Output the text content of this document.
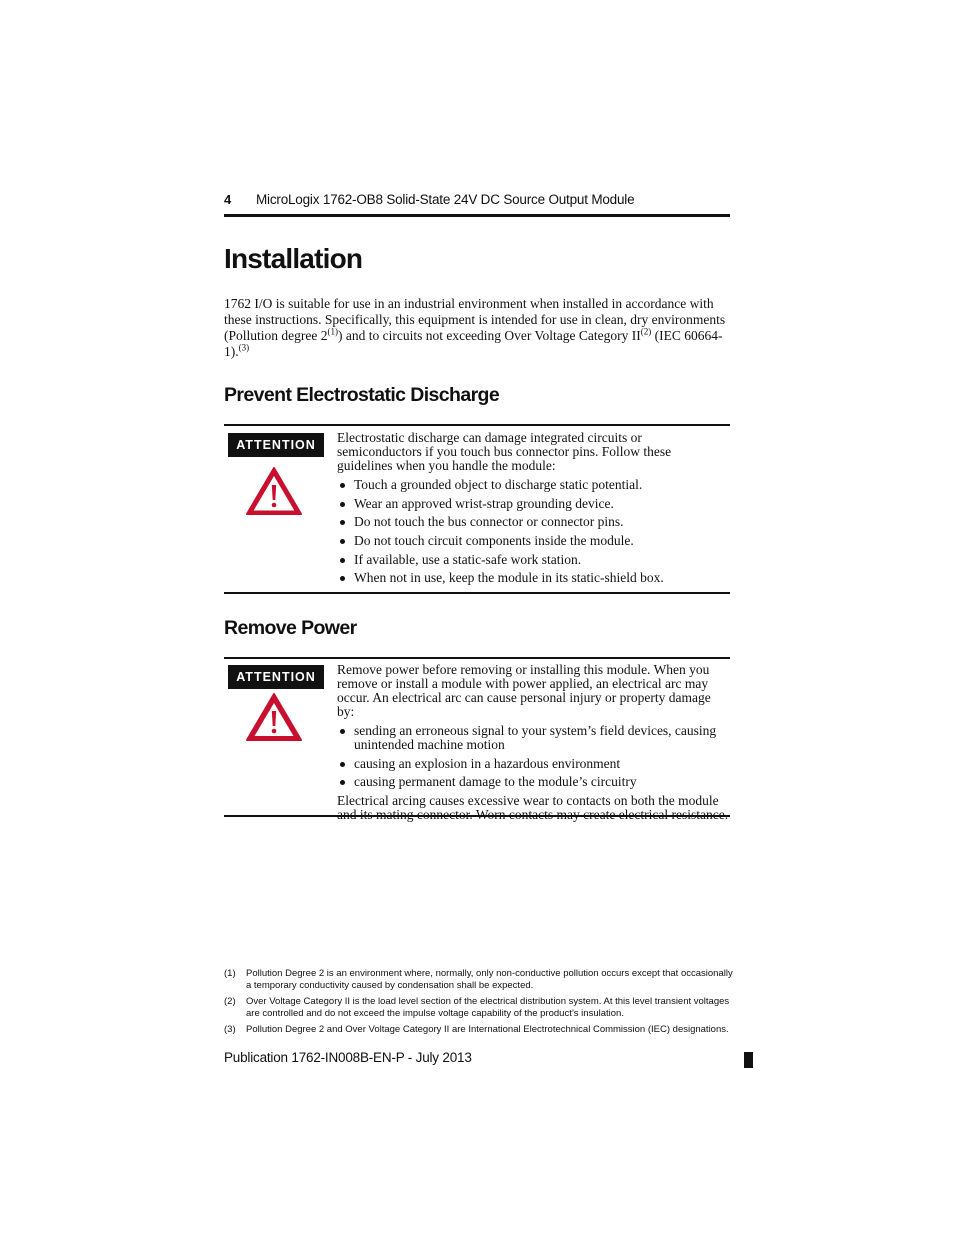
4 MicroLogix 1762-OB8 Solid-State 24V DC Source Output Module
Installation
1762 I/O is suitable for use in an industrial environment when installed in accordance with these instructions. Specifically, this equipment is intended for use in clean, dry environments (Pollution degree 2$^{(1)}$) and to circuits not exceeding Over Voltage Category II$^{(2)}$ (IEC 60664-1).$^{(3)}$
Prevent Electrostatic Discharge
ATTENTION	Electrostatic discharge can damage integrated circuits or semiconductors if you touch bus connector pins. Follow these guidelines when you handle the module:

Touch a grounded object to discharge static potential.
Wear an approved wrist-strap grounding device.
Do not touch the bus connector or connector pins.
Do not touch circuit components inside the module.
If available, use a static-safe work station.
When not in use, keep the module in its static-shield box.
Remove Power
ATTENTION	Remove power before removing or installing this module. When you remove or install a module with power applied, an electrical arc may occur. An electrical arc can cause personal injury or property damage by:

sending an erroneous signal to your system’s field devices, causing unintended machine motion
causing an explosion in a hazardous environment
causing permanent damage to the module’s circuitry

Electrical arcing causes excessive wear to contacts on both the module

(1) Pollution Degree 2 is an environment where, normally, only non-conductive pollution occurs except that occasionally a temporary conductivity caused by condensation shall be expected.
(2) Over Voltage Category II is the load level section of the electrical distribution system. At this level transient voltages are controlled and do not exceed the impulse voltage capability of the product’s insulation.
(3) Pollution Degree 2 and Over Voltage Category II are International Electrotechnical Commission (IEC) designations.
Publication 1762-IN008B-EN-P - July 2013
